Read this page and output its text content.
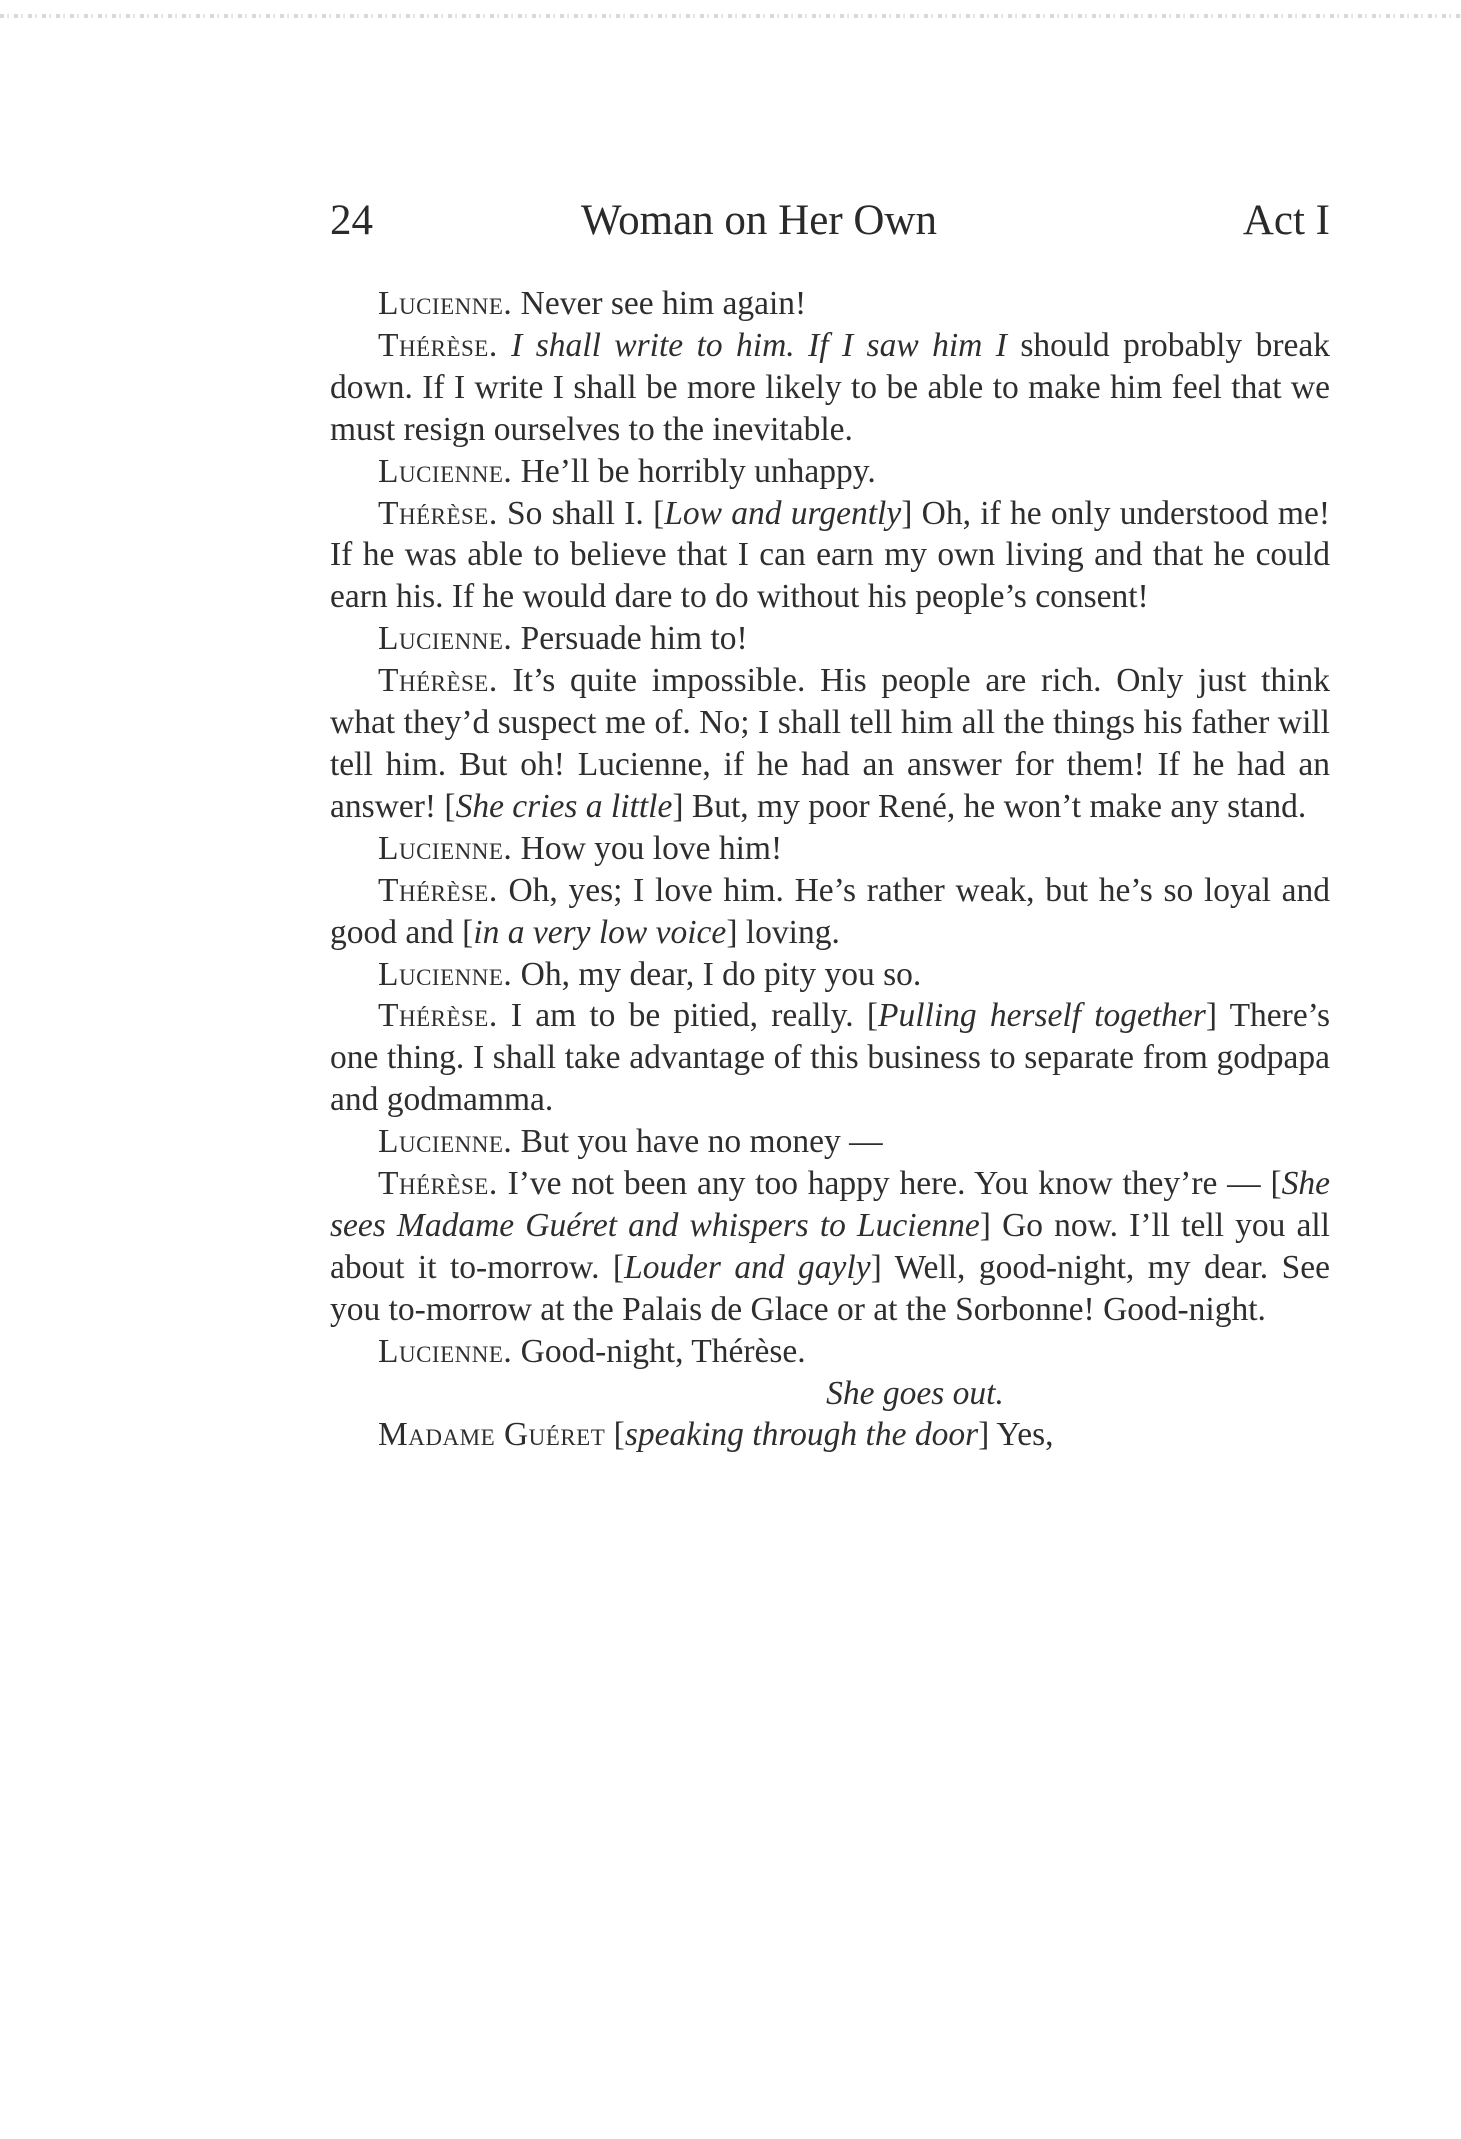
24	Woman on Her Own	Act I

Lucienne. Never see him again!

Thérèse. I shall write to him. If I saw him I should probably break down. If I write I shall be more likely to be able to make him feel that we must resign ourselves to the inevitable.

Lucienne. He’ll be horribly unhappy.

Thérèse. So shall I. [Low and urgently] Oh, if he only understood me! If he was able to believe that I can earn my own living and that he could earn his. If he would dare to do without his people’s consent!

Lucienne. Persuade him to!

Thérèse. It’s quite impossible. His people are rich. Only just think what they’d suspect me of. No; I shall tell him all the things his father will tell him. But oh! Lucienne, if he had an answer for them! If he had an answer! [She cries a little] But, my poor René, he won’t make any stand.

Lucienne. How you love him!

Thérèse. Oh, yes; I love him. He’s rather weak, but he’s so loyal and good and [in a very low voice] loving.

Lucienne. Oh, my dear, I do pity you so.

Thérèse. I am to be pitied, really. [Pulling herself together] There’s one thing. I shall take advantage of this business to separate from godpapa and godmamma.

Lucienne. But you have no money —

Thérèse. I’ve not been any too happy here. You know they’re — [She sees Madame Guéret and whispers to Lucienne] Go now. I’ll tell you all about it to-morrow. [Louder and gayly] Well, good-night, my dear. See you to-morrow at the Palais de Glace or at the Sorbonne! Good-night.

Lucienne. Good-night, Thérèse.

She goes out.

Madame Guéret [speaking through the door] Yes,
